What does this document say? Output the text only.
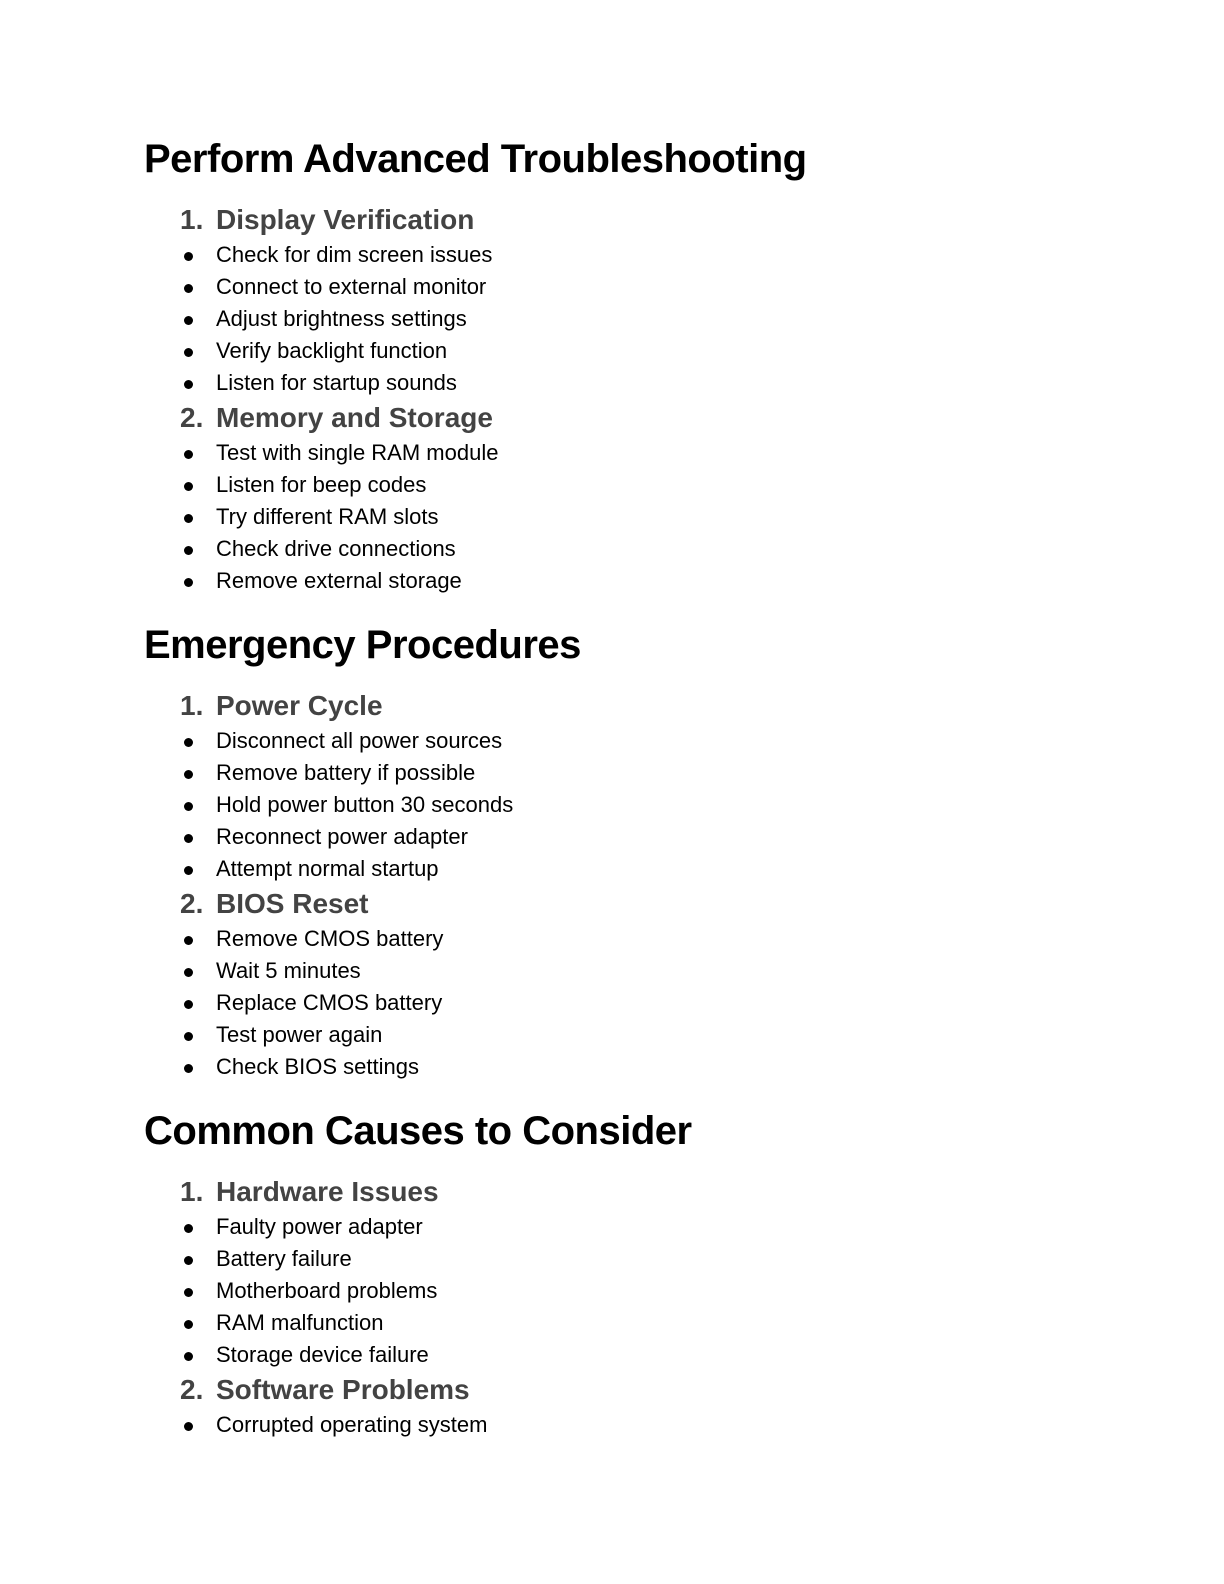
Perform Advanced Troubleshooting
1. Display Verification
Check for dim screen issues
Connect to external monitor
Adjust brightness settings
Verify backlight function
Listen for startup sounds
2. Memory and Storage
Test with single RAM module
Listen for beep codes
Try different RAM slots
Check drive connections
Remove external storage
Emergency Procedures
1. Power Cycle
Disconnect all power sources
Remove battery if possible
Hold power button 30 seconds
Reconnect power adapter
Attempt normal startup
2. BIOS Reset
Remove CMOS battery
Wait 5 minutes
Replace CMOS battery
Test power again
Check BIOS settings
Common Causes to Consider
1. Hardware Issues
Faulty power adapter
Battery failure
Motherboard problems
RAM malfunction
Storage device failure
2. Software Problems
Corrupted operating system
